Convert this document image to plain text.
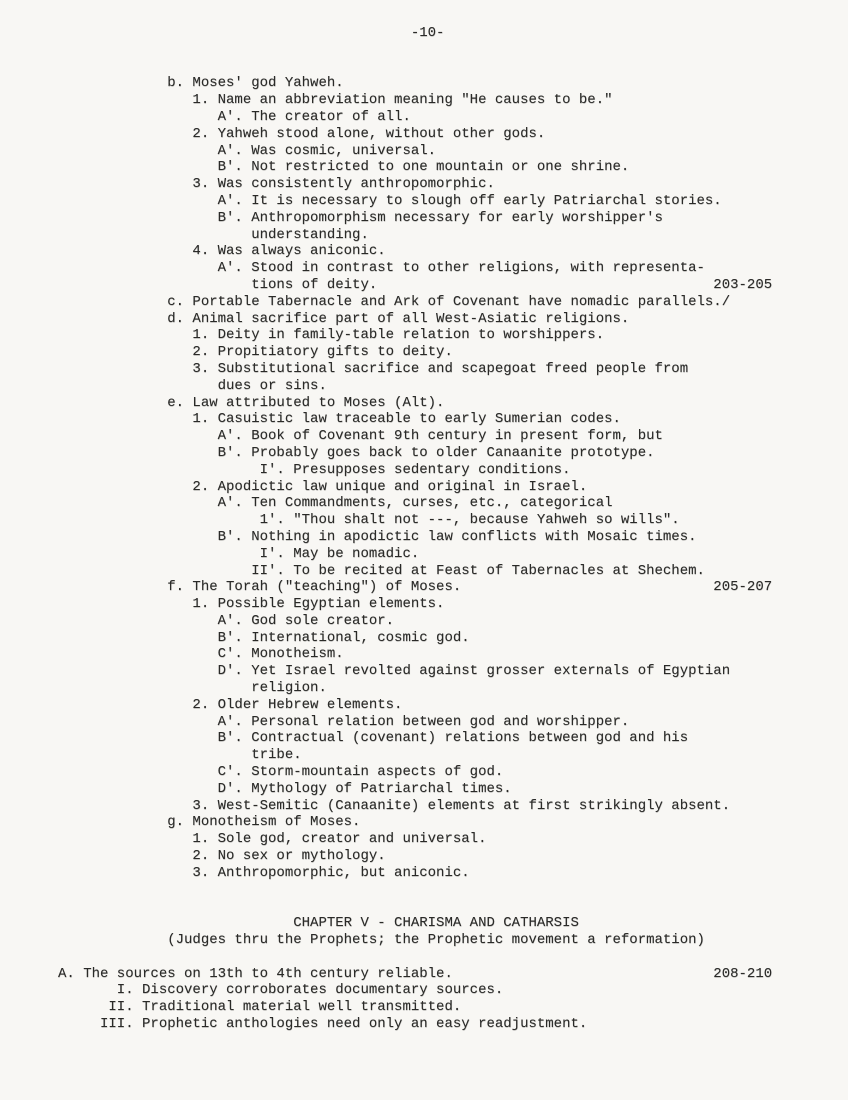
-10-
b. Moses' god Yahweh.
1. Name an abbreviation meaning "He causes to be."
A'. The creator of all.
2. Yahweh stood alone, without other gods.
A'. Was cosmic, universal.
B'. Not restricted to one mountain or one shrine.
3. Was consistently anthropomorphic.
A'. It is necessary to slough off early Patriarchal stories.
B'. Anthropomorphism necessary for early worshipper's
understanding.
4. Was always aniconic.
A'. Stood in contrast to other religions, with representa-
tions of deity.                                        203-205
c. Portable Tabernacle and Ark of Covenant have nomadic parallels./
d. Animal sacrifice part of all West-Asiatic religions.
1. Deity in family-table relation to worshippers.
2. Propitiatory gifts to deity.
3. Substitutional sacrifice and scapegoat freed people from
dues or sins.
e. Law attributed to Moses (Alt).
1. Casuistic law traceable to early Sumerian codes.
A'. Book of Covenant 9th century in present form, but
B'. Probably goes back to older Canaanite prototype.
I'. Presupposes sedentary conditions.
2. Apodictic law unique and original in Israel.
A'. Ten Commandments, curses, etc., categorical
1'. "Thou shalt not ---, because Yahweh so wills".
B'. Nothing in apodictic law conflicts with Mosaic times.
I'. May be nomadic.
II'. To be recited at Feast of Tabernacles at Shechem.
f. The Torah ("teaching") of Moses.                              205-207
1. Possible Egyptian elements.
A'. God sole creator.
B'. International, cosmic god.
C'. Monotheism.
D'. Yet Israel revolted against grosser externals of Egyptian
religion.
2. Older Hebrew elements.
A'. Personal relation between god and worshipper.
B'. Contractual (covenant) relations between god and his
tribe.
C'. Storm-mountain aspects of god.
D'. Mythology of Patriarchal times.
3. West-Semitic (Canaanite) elements at first strikingly absent.
g. Monotheism of Moses.
1. Sole god, creator and universal.
2. No sex or mythology.
3. Anthropomorphic, but aniconic.
CHAPTER V - CHARISMA AND CATHARSIS
(Judges thru the Prophets; the Prophetic movement a reformation)
A. The sources on 13th to 4th century reliable.                               208-210
I. Discovery corroborates documentary sources.
II. Traditional material well transmitted.
III. Prophetic anthologies need only an easy readjustment.
